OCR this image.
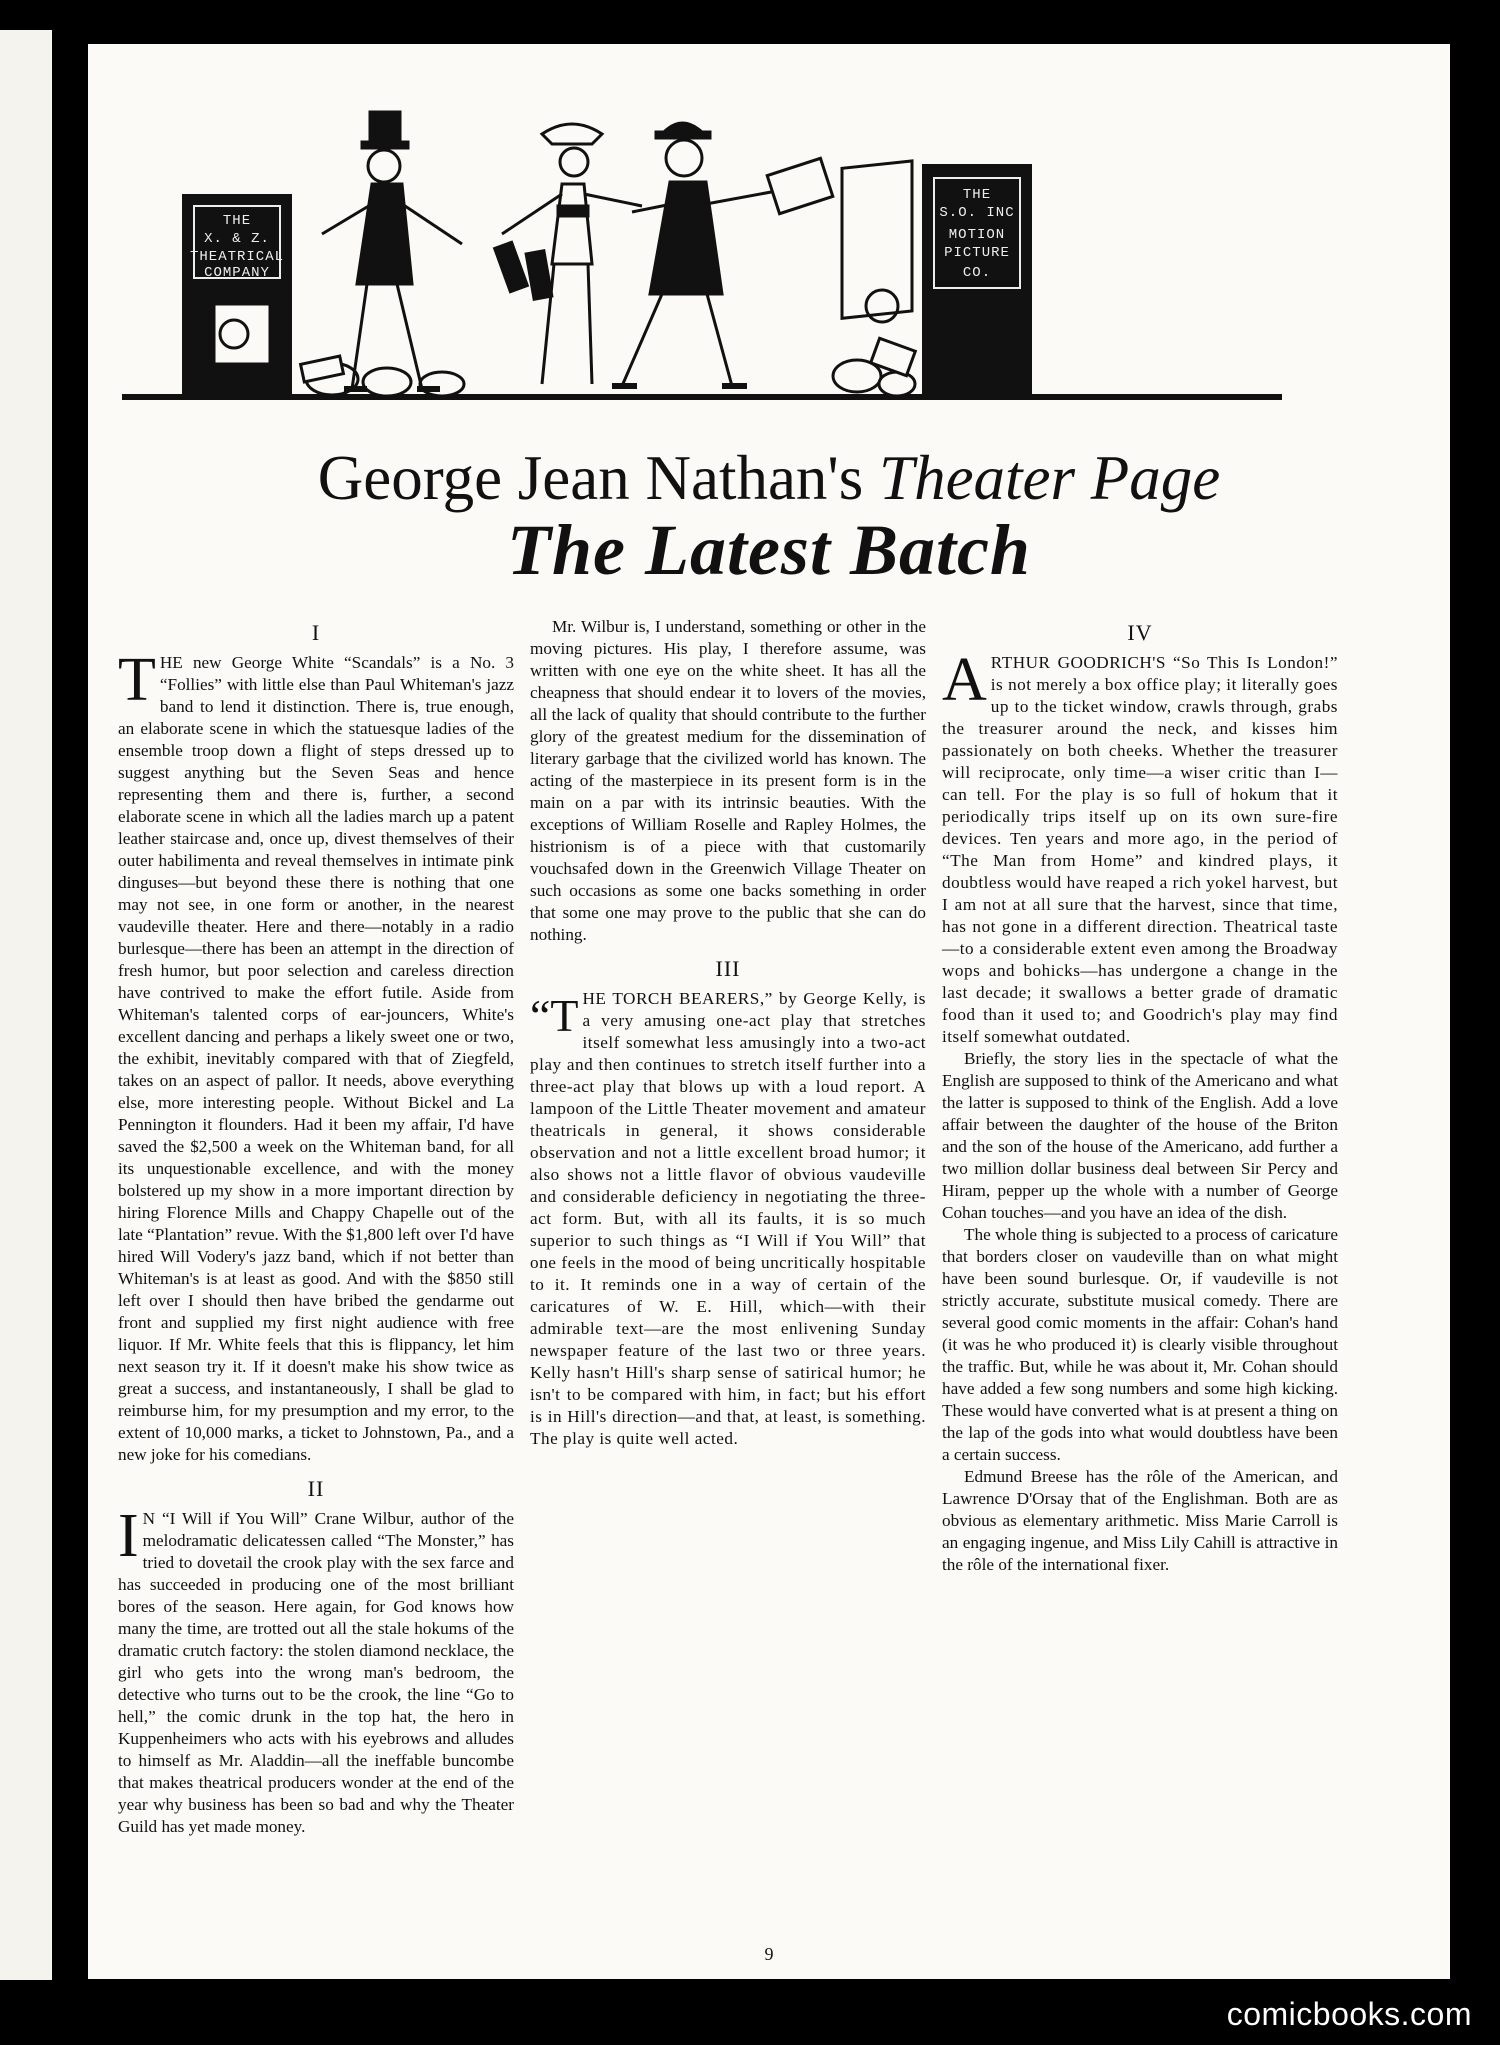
THE
X. & Z.
THEATRICAL
COMPANY
THE
S.O. INC
MOTION
PICTURE
CO.
George Jean Nathan's Theater Page
The Latest Batch
I

THE new George White “Scandals” is a No. 3 “Follies” with little else than Paul Whiteman's jazz band to lend it distinction. There is, true enough, an elaborate scene in which the statuesque ladies of the ensemble troop down a flight of steps dressed up to suggest anything but the Seven Seas and hence representing them and there is, further, a second elaborate scene in which all the ladies march up a patent leather staircase and, once up, divest themselves of their outer habilimenta and reveal themselves in intimate pink dinguses—but beyond these there is nothing that one may not see, in one form or another, in the nearest vaudeville theater. Here and there—notably in a radio burlesque—there has been an attempt in the direction of fresh humor, but poor selection and careless direction have contrived to make the effort futile. Aside from Whiteman's talented corps of ear-jouncers, White's excellent dancing and perhaps a likely sweet one or two, the exhibit, inevitably compared with that of Ziegfeld, takes on an aspect of pallor. It needs, above everything else, more interesting people. Without Bickel and La Pennington it flounders. Had it been my affair, I'd have saved the $2,500 a week on the Whiteman band, for all its unquestionable excellence, and with the money bolstered up my show in a more important direction by hiring Florence Mills and Chappy Chapelle out of the late “Plantation” revue. With the $1,800 left over I'd have hired Will Vodery's jazz band, which if not better than Whiteman's is at least as good. And with the $850 still left over I should then have bribed the gendarme out front and supplied my first night audience with free liquor. If Mr. White feels that this is flippancy, let him next season try it. If it doesn't make his show twice as great a success, and instantaneously, I shall be glad to reimburse him, for my presumption and my error, to the extent of 10,000 marks, a ticket to Johnstown, Pa., and a new joke for his comedians.

II

I N “I Will if You Will” Crane Wilbur, author of the melodramatic delicatessen called “The Monster,” has tried to dovetail the crook play with the sex farce and has succeeded in producing one of the most brilliant bores of the season. Here again, for God knows how many the time, are trotted out all the stale hokums of the dramatic crutch factory: the stolen diamond necklace, the girl who gets into the wrong man's bedroom, the detective who turns out to be the crook, the line “Go to hell,” the comic drunk in the top hat, the hero in Kuppenheimers who acts with his eyebrows and alludes to himself as Mr. Aladdin—all the ineffable buncombe that makes theatrical producers wonder at the end of the year why business has been so bad and why the Theater Guild has yet made money.

Mr. Wilbur is, I understand, something or other in the moving pictures. His play, I therefore assume, was written with one eye on the white sheet. It has all the cheapness that should endear it to lovers of the movies, all the lack of quality that should contribute to the further glory of the greatest medium for the dissemination of literary garbage that the civilized world has known. The acting of the masterpiece in its present form is in the main on a par with its intrinsic beauties. With the exceptions of William Roselle and Rapley Holmes, the histrionism is of a piece with that customarily vouchsafed down in the Greenwich Village Theater on such occasions as some one backs something in order that some one may prove to the public that she can do nothing.

III

“THE TORCH BEARERS,” by George Kelly, is a very amusing one-act play that stretches itself somewhat less amusingly into a two-act play and then continues to stretch itself further into a three-act play that blows up with a loud report. A lampoon of the Little Theater movement and amateur theatricals in general, it shows considerable observation and not a little excellent broad humor; it also shows not a little flavor of obvious vaudeville and considerable deficiency in negotiating the three-act form. But, with all its faults, it is so much superior to such things as “I Will if You Will” that one feels in the mood of being uncritically hospitable to it. It reminds one in a way of certain of the caricatures of W. E. Hill, which—with their admirable text—are the most enlivening Sunday newspaper feature of the last two or three years. Kelly hasn't Hill's sharp sense of satirical humor; he isn't to be compared with him, in fact; but his effort is in Hill's direction—and that, at least, is something. The play is quite well acted.

IV

ARTHUR GOODRICH'S “So This Is London!” is not merely a box office play; it literally goes up to the ticket window, crawls through, grabs the treasurer around the neck, and kisses him passionately on both cheeks. Whether the treasurer will reciprocate, only time—a wiser critic than I—can tell. For the play is so full of hokum that it periodically trips itself up on its own sure-fire devices. Ten years and more ago, in the period of “The Man from Home” and kindred plays, it doubtless would have reaped a rich yokel harvest, but I am not at all sure that the harvest, since that time, has not gone in a different direction. Theatrical taste—to a considerable extent even among the Broadway wops and bohicks—has undergone a change in the last decade; it swallows a better grade of dramatic food than it used to; and Goodrich's play may find itself somewhat outdated.

Briefly, the story lies in the spectacle of what the English are supposed to think of the Americano and what the latter is supposed to think of the English. Add a love affair between the daughter of the house of the Briton and the son of the house of the Americano, add further a two million dollar business deal between Sir Percy and Hiram, pepper up the whole with a number of George Cohan touches—and you have an idea of the dish.

The whole thing is subjected to a process of caricature that borders closer on vaudeville than on what might have been sound burlesque. Or, if vaudeville is not strictly accurate, substitute musical comedy. There are several good comic moments in the affair: Cohan's hand (it was he who produced it) is clearly visible throughout the traffic. But, while he was about it, Mr. Cohan should have added a few song numbers and some high kicking. These would have converted what is at present a thing on the lap of the gods into what would doubtless have been a certain success.

Edmund Breese has the rôle of the American, and Lawrence D'Orsay that of the Englishman. Both are as obvious as elementary arithmetic. Miss Marie Carroll is an engaging ingenue, and Miss Lily Cahill is attractive in the rôle of the international fixer.

9
comicbooks.com
